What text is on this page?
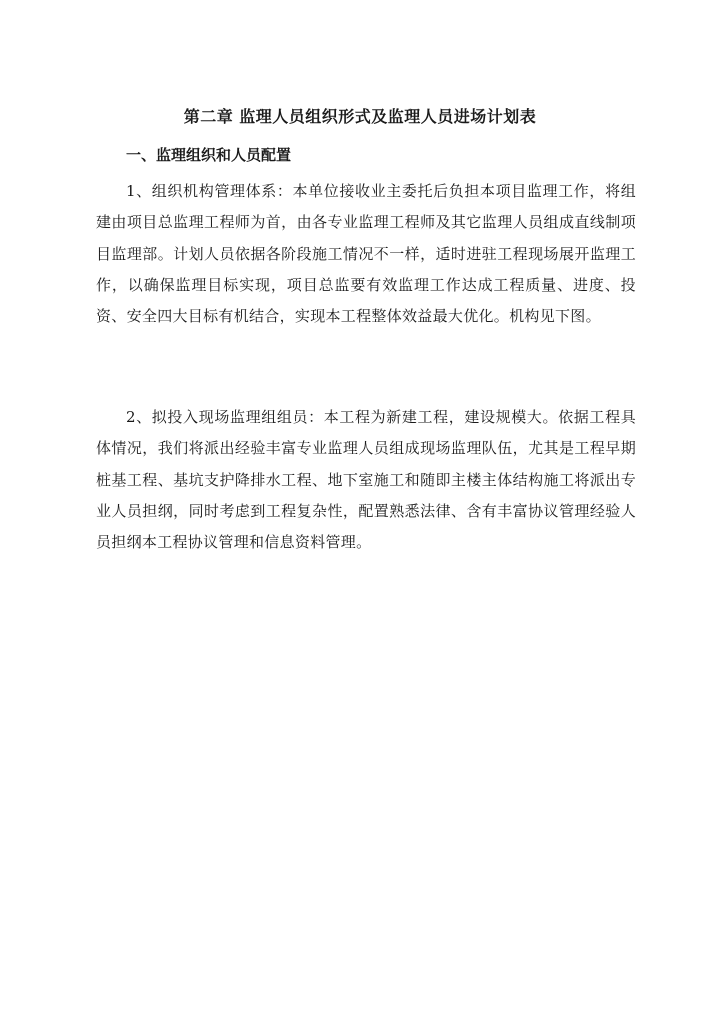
第二章 监理人员组织形式及监理人员进场计划表
一、监理组织和人员配置

1、组织机构管理体系：本单位接收业主委托后负担本项目监理工作，将组建由项目总监理工程师为首，由各专业监理工程师及其它监理人员组成直线制项目监理部。计划人员依据各阶段施工情况不一样，适时进驻工程现场展开监理工作，以确保监理目标实现，项目总监要有效监理工作达成工程质量、进度、投资、安全四大目标有机结合，实现本工程整体效益最大优化。机构见下图。

2、拟投入现场监理组组员：本工程为新建工程，建设规模大。依据工程具体情况，我们将派出经验丰富专业监理人员组成现场监理队伍，尤其是工程早期桩基工程、基坑支护降排水工程、地下室施工和随即主楼主体结构施工将派出专业人员担纲，同时考虑到工程复杂性，配置熟悉法律、含有丰富协议管理经验人员担纲本工程协议管理和信息资料管理。
